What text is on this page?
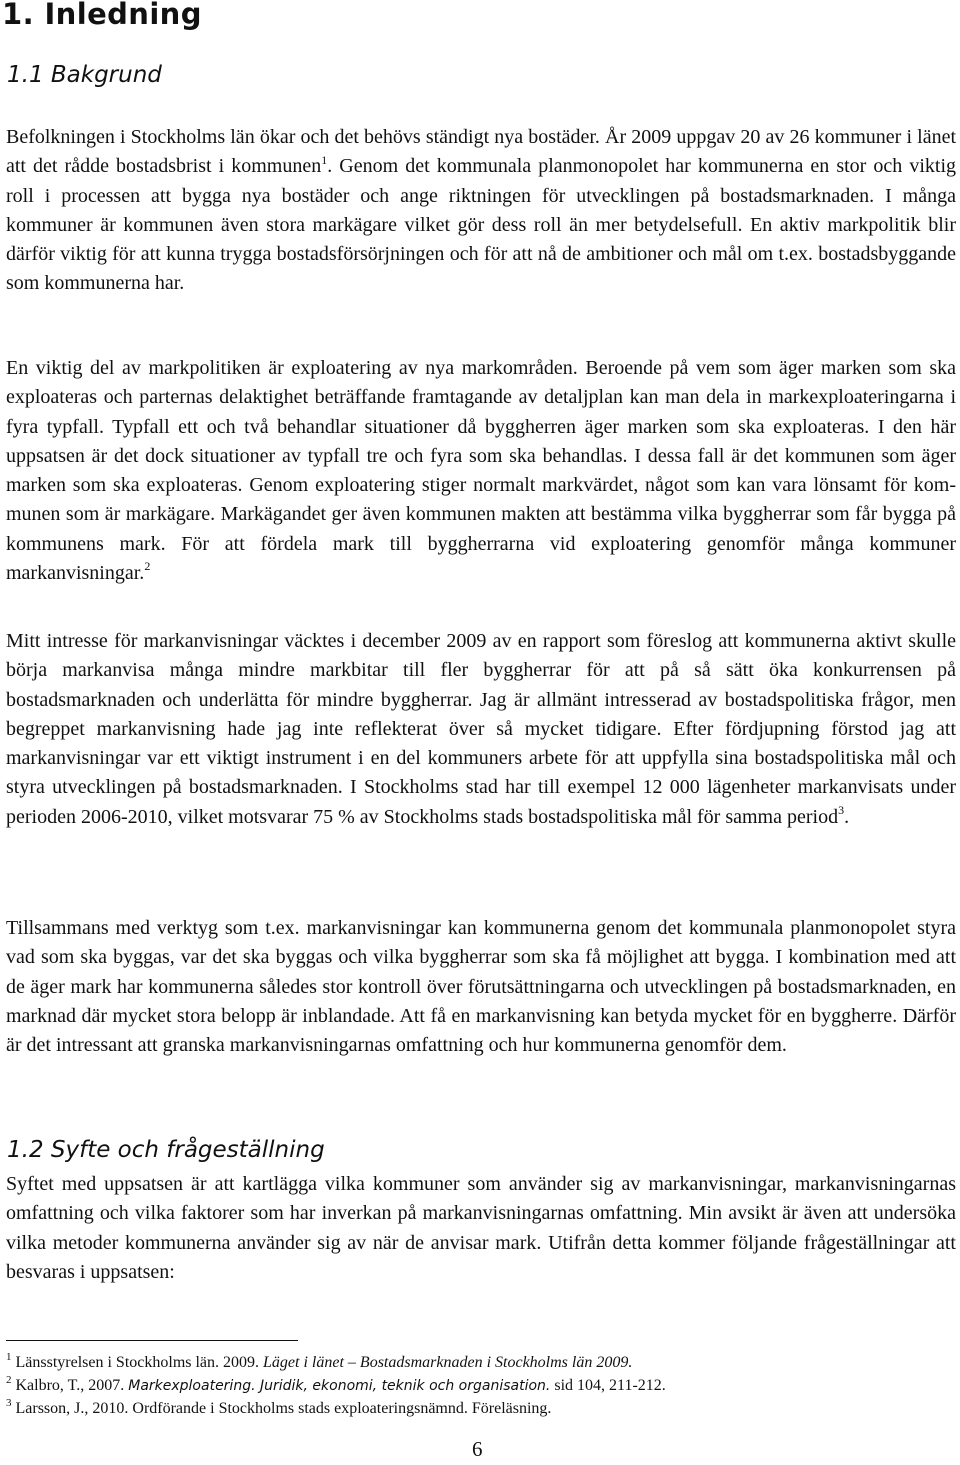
1. Inledning
1.1 Bakgrund

Befolkningen i Stockholms län ökar och det behövs ständigt nya bostäder. År 2009 uppgav 20 av 26 kommuner i länet att det rådde bostadsbrist i kommunen$^1$. Genom det kommunala planmonopolet har kommunerna en stor och viktig roll i processen att bygga nya bostäder och ange riktningen för utvecklingen på bostadsmarknaden. I många kommuner är kommunen även stora markägare vilket gör dess roll än mer betydelsefull. En aktiv markpolitik blir därför viktig för att kunna trygga bostadsförsörjningen och för att nå de ambitioner och mål om t.ex. bostadsbyggande som kommunerna har.

En viktig del av markpolitiken är exploatering av nya markområden. Beroende på vem som äger marken som ska exploateras och parternas delaktighet beträffande framtagande av detaljplan kan man dela in markexploateringarna i fyra typfall. Typfall ett och två behandlar situationer då byggherren äger marken som ska exploateras. I den här uppsatsen är det dock situationer av typfall tre och fyra som ska behandlas. I dessa fall är det kommunen som äger marken som ska exploateras. Genom exploatering stiger normalt markvärdet, något som kan vara lönsamt för kommunen som är markägare. Markägandet ger även kommunen makten att bestämma vilka byggherrar som får bygga på kommunens mark. För att fördela mark till byggherrarna vid exploatering genomför många kommuner markanvisningar.$^2$

Mitt intresse för markanvisningar väcktes i december 2009 av en rapport som föreslog att kommunerna aktivt skulle börja markanvisa många mindre markbitar till fler byggherrar för att på så sätt öka konkurrensen på bostadsmarknaden och underlätta för mindre byggherrar. Jag är allmänt intresserad av bostadspolitiska frågor, men begreppet markanvisning hade jag inte reflekterat över så mycket tidigare. Efter fördjupning förstod jag att markanvisningar var ett viktigt instrument i en del kommuners arbete för att uppfylla sina bostadspolitiska mål och styra utvecklingen på bostadsmarknaden. I Stockholms stad har till exempel 12 000 lägenheter markanvisats under perioden 2006-2010, vilket motsvarar 75 % av Stockholms stads bostadspolitiska mål för samma period$^3$.

Tillsammans med verktyg som t.ex. markanvisningar kan kommunerna genom det kommunala planmonopolet styra vad som ska byggas, var det ska byggas och vilka byggherrar som ska få möjlighet att bygga. I kombination med att de äger mark har kommunerna således stor kontroll över förutsättningarna och utvecklingen på bostadsmarknaden, en marknad där mycket stora belopp är inblandade. Att få en markanvisning kan betyda mycket för en byggherre. Därför är det intressant att granska markanvisningarnas omfattning och hur kommunerna genomför dem.

1.2 Syfte och frågeställning

Syftet med uppsatsen är att kartlägga vilka kommuner som använder sig av markanvisningar, markanvisningarnas omfattning och vilka faktorer som har inverkan på markanvisningarnas omfattning. Min avsikt är även att undersöka vilka metoder kommunerna använder sig av när de anvisar mark. Utifrån detta kommer följande frågeställningar att besvaras i uppsatsen:

$^1$ Länsstyrelsen i Stockholms län. 2009. Läget i länet – Bostadsmarknaden i Stockholms län 2009.

$^2$ Kalbro, T., 2007. Markexploatering. Juridik, ekonomi, teknik och organisation. sid 104, 211-212.

$^3$ Larsson, J., 2010. Ordförande i Stockholms stads exploateringsnämnd. Föreläsning.

6
